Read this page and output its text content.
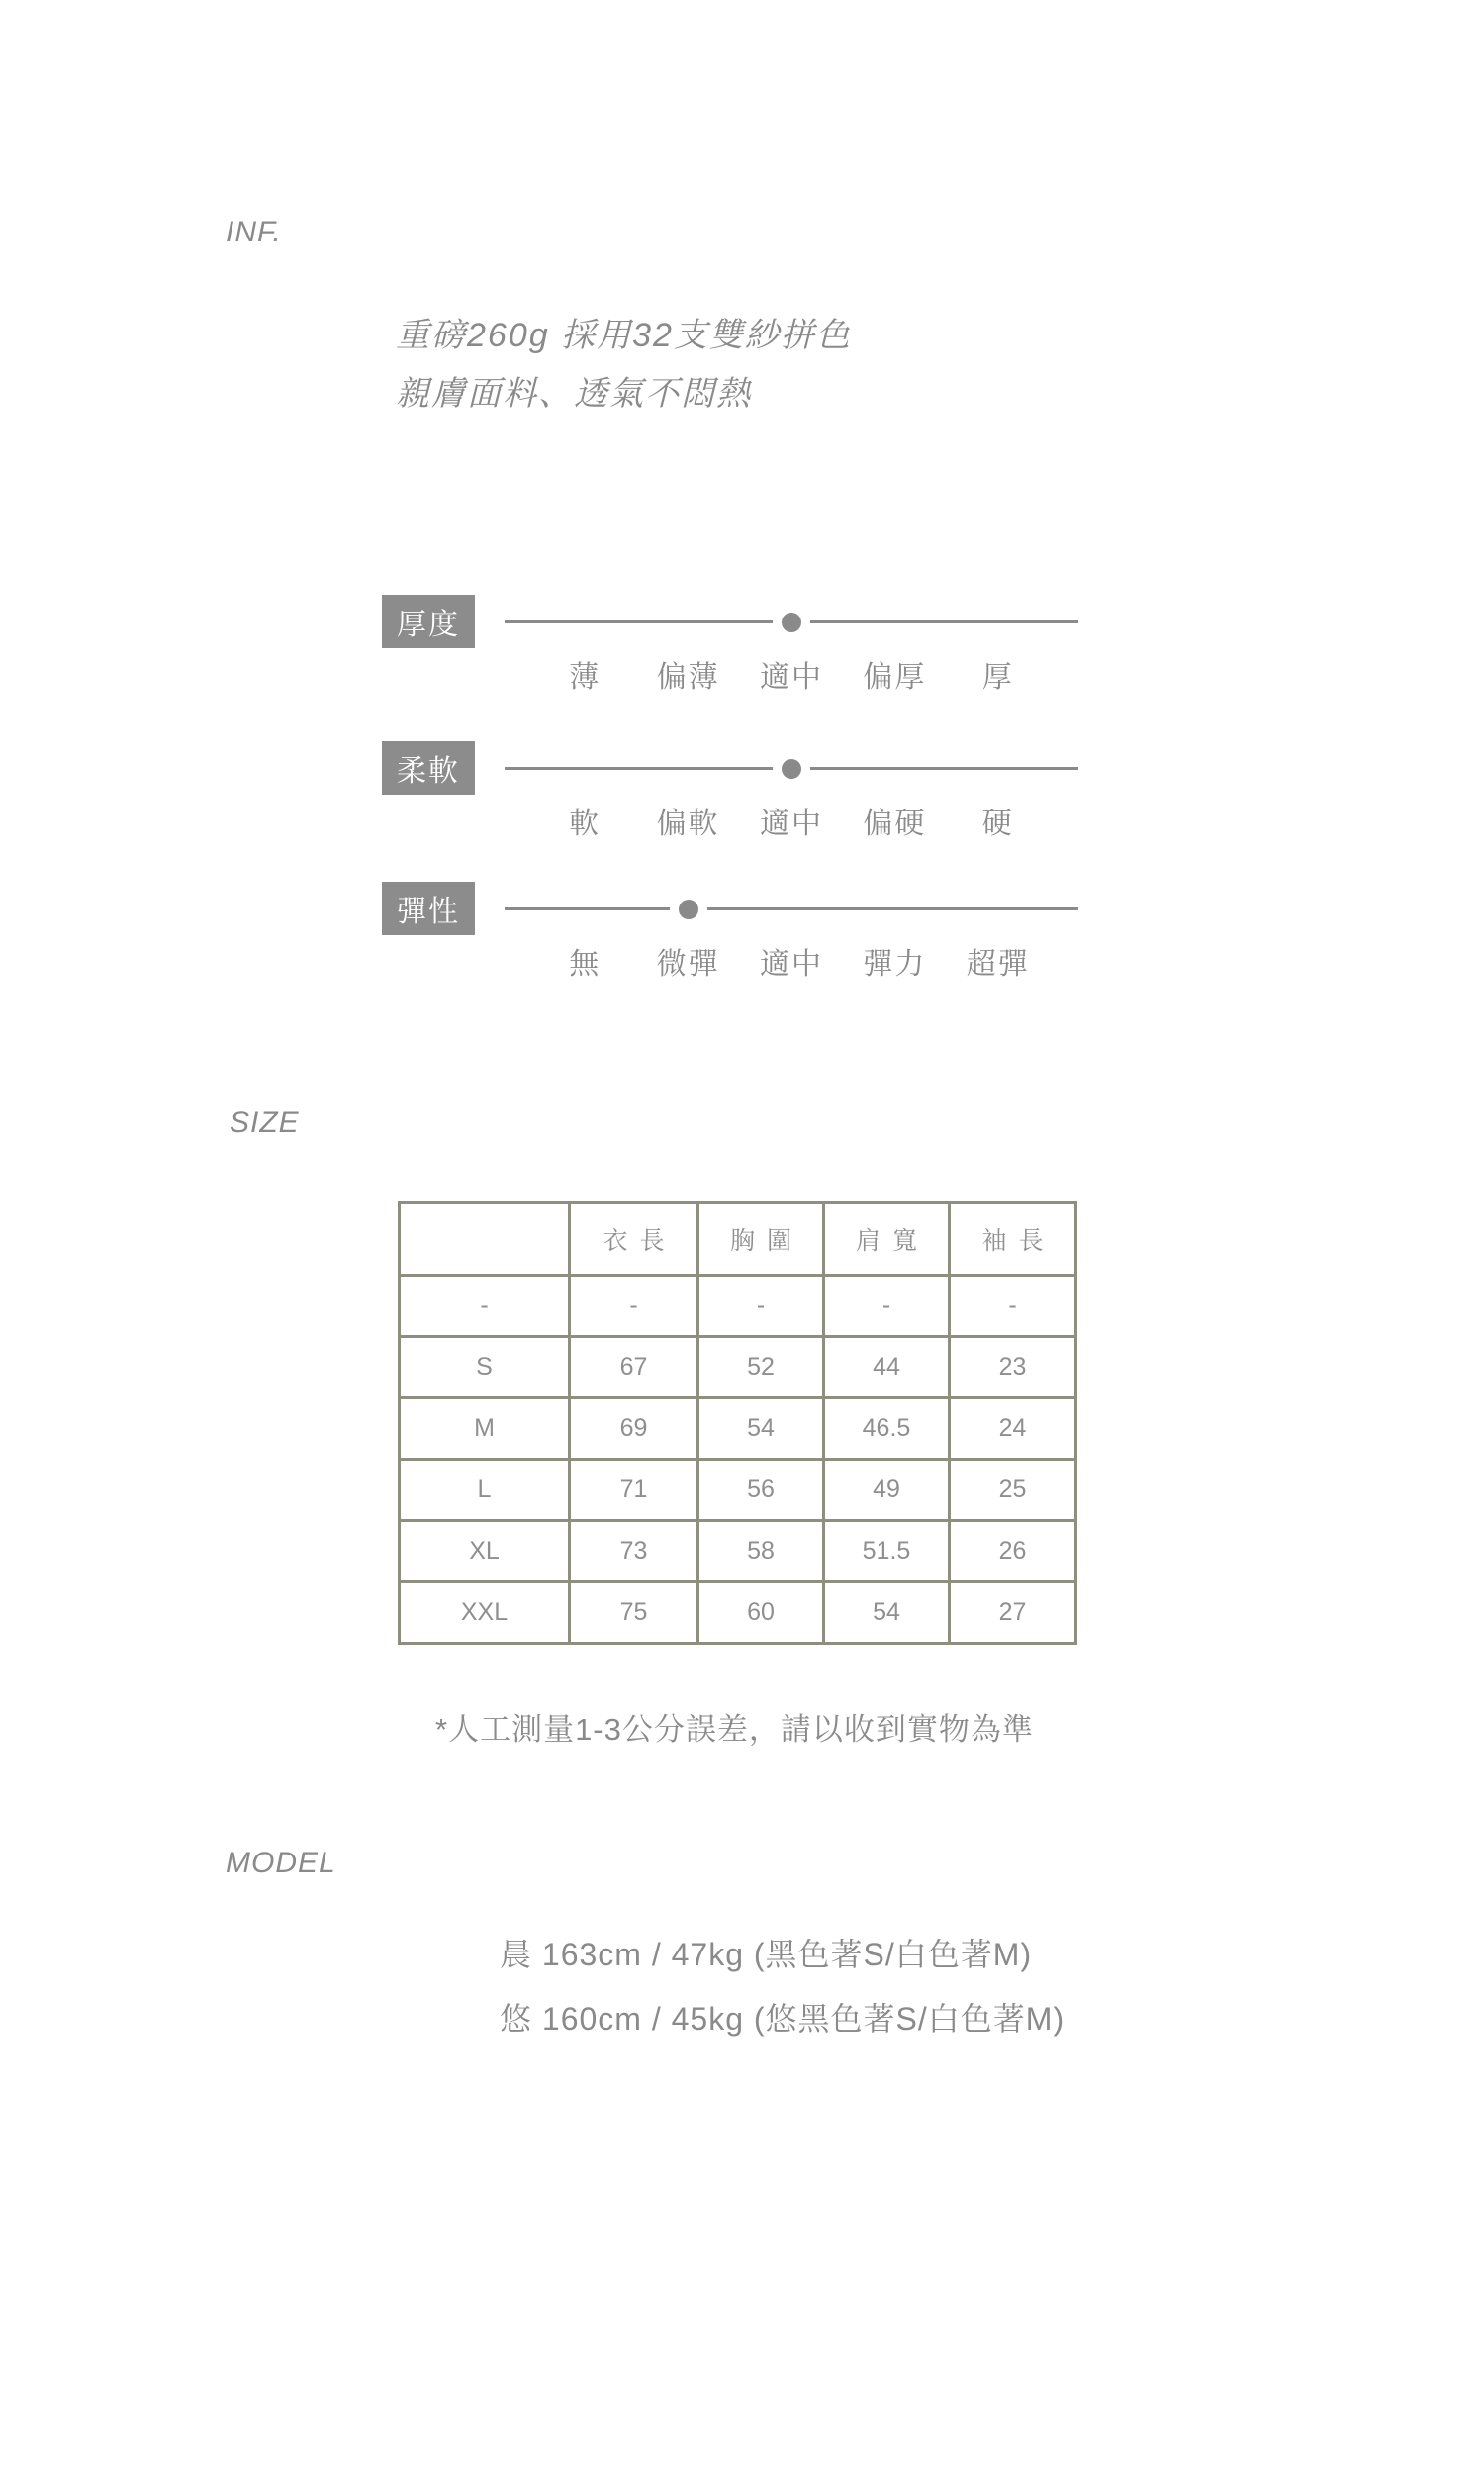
INF.
重磅260g 採用32支雙紗拼色
親膚面料、透氣不悶熱
厚度
薄 偏薄 適中 偏厚 厚
柔軟
軟 偏軟 適中 偏硬 硬
彈性
無 微彈 適中 彈力 超彈
SIZE
	衣長	胸圍	肩寬	袖長
-	-	-	-	-
S	67	52	44	23
M	69	54	46.5	24
L	71	56	49	25
XL	73	58	51.5	26
XXL	75	60	54	27
*人工測量1-3公分誤差，請以收到實物為準
MODEL
晨 163cm / 47kg (黑色著S/白色著M)
悠 160cm / 45kg (悠黑色著S/白色著M)
